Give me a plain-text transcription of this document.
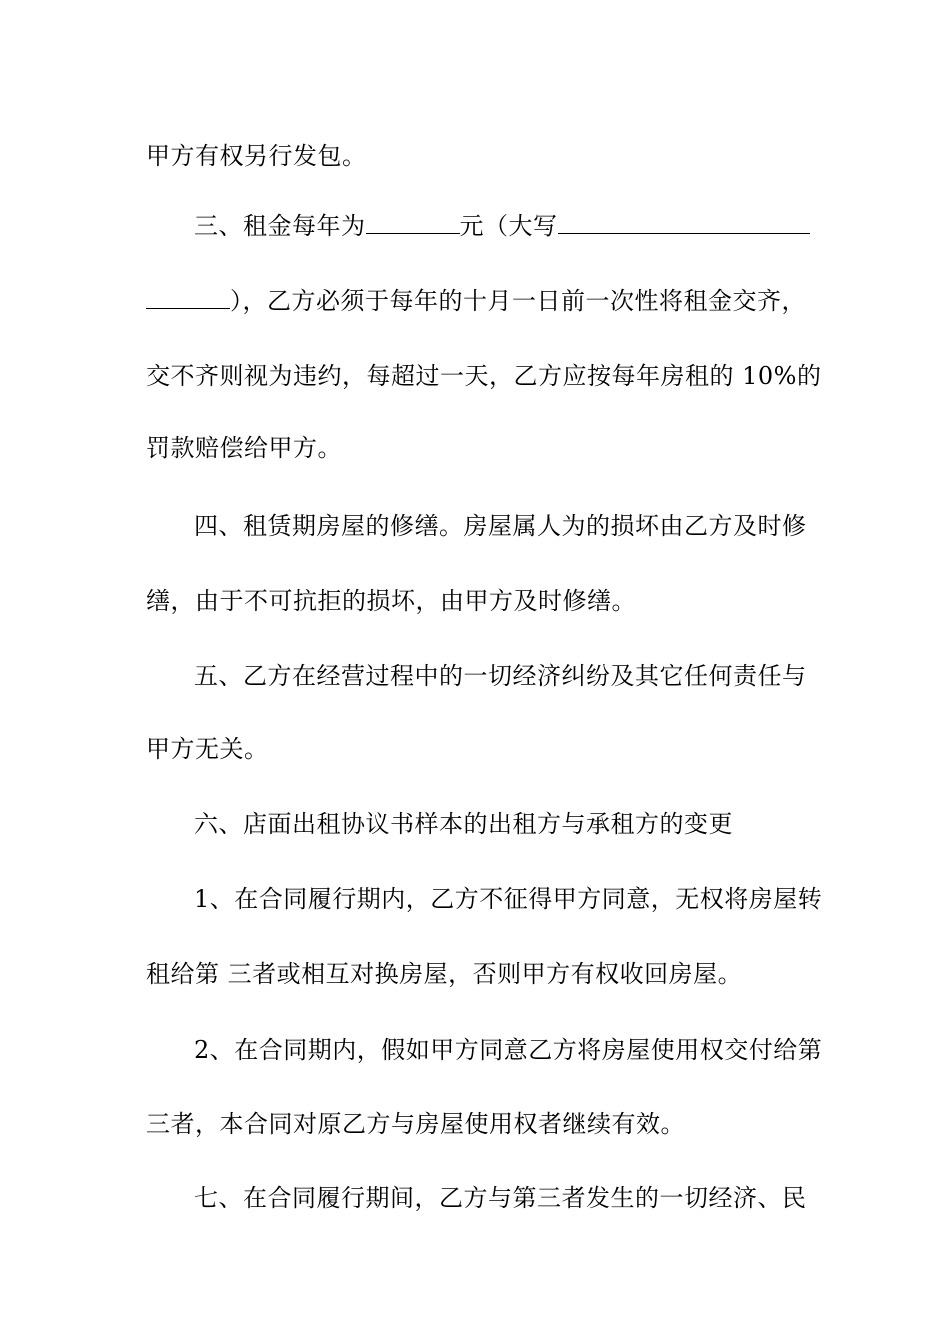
甲方有权另行发包。
三、租金每年为	元（大写
），乙方必须于每年的十月一日前一次性将租金交齐，
交不齐则视为违约，每超过一天，乙方应按每年房租的 10%的
罚款赔偿给甲方。
四、租赁期房屋的修缮。房屋属人为的损坏由乙方及时修
缮，由于不可抗拒的损坏，由甲方及时修缮。
五、乙方在经营过程中的一切经济纠纷及其它任何责任与
甲方无关。
六、店面出租协议书样本的出租方与承租方的变更
1、在合同履行期内，乙方不征得甲方同意，无权将房屋转
租给第 三者或相互对换房屋，否则甲方有权收回房屋。
2、在合同期内，假如甲方同意乙方将房屋使用权交付给第
三者，本合同对原乙方与房屋使用权者继续有效。
七、在合同履行期间，乙方与第三者发生的一切经济、民
